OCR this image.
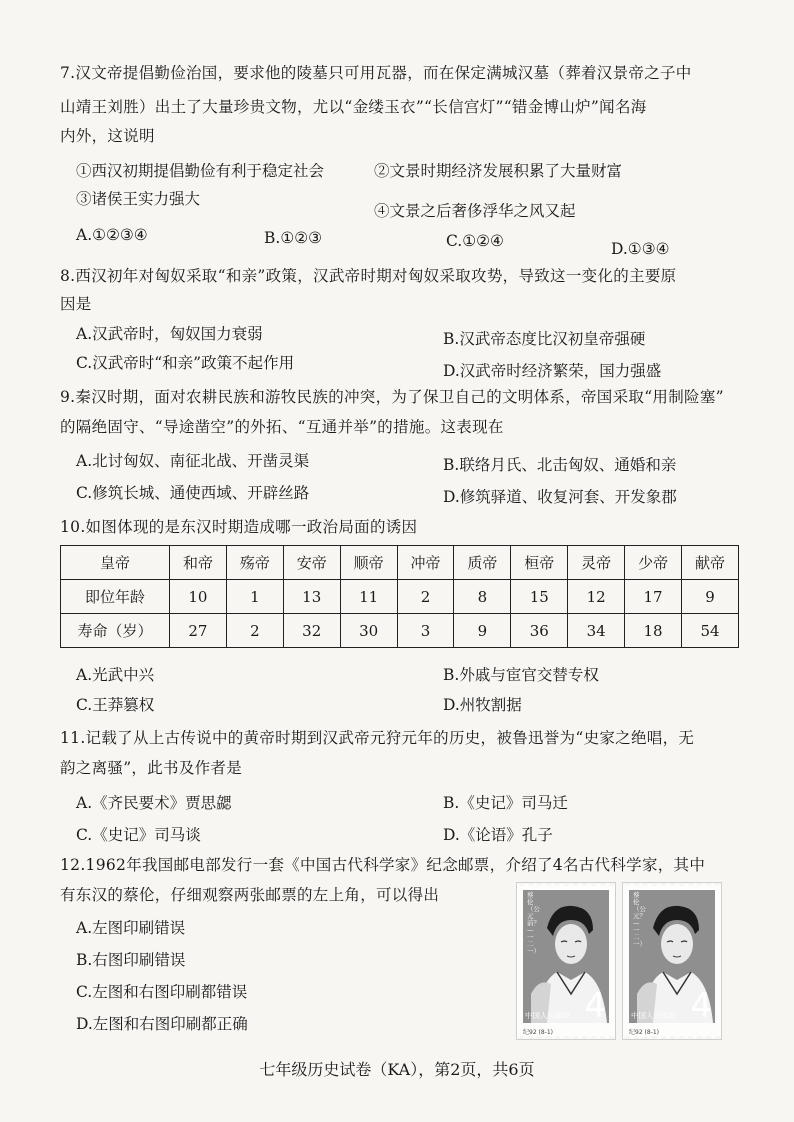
7.汉文帝提倡勤俭治国，要求他的陵墓只可用瓦器，而在保定满城汉墓（葬着汉景帝之子中
山靖王刘胜）出土了大量珍贵文物，尤以“金缕玉衣”“长信宫灯”“错金博山炉”闻名海
内外，这说明
①西汉初期提倡勤俭有利于稳定社会	②文景时期经济发展积累了大量财富
③诸侯王实力强大
④文景之后奢侈浮华之风又起
A.①②③④	B.①②③	C.①②④	D.①③④
8.西汉初年对匈奴采取“和亲”政策，汉武帝时期对匈奴采取攻势，导致这一变化的主要原
因是
A.汉武帝时，匈奴国力衰弱	B.汉武帝态度比汉初皇帝强硬
C.汉武帝时“和亲”政策不起作用	D.汉武帝时经济繁荣，国力强盛
9.秦汉时期，面对农耕民族和游牧民族的冲突，为了保卫自己的文明体系，帝国采取“用制险塞”
的隔绝固守、“导途凿空”的外拓、“互通并举”的措施。这表现在
A.北讨匈奴、南征北战、开凿灵渠	B.联络月氏、北击匈奴、通婚和亲
C.修筑长城、通使西域、开辟丝路	D.修筑驿道、收复河套、开发象郡
10.如图体现的是东汉时期造成哪一政治局面的诱因
皇帝	和帝	殇帝	安帝	顺帝	冲帝	质帝	桓帝	灵帝	少帝	献帝
即位年龄	10	1	13	11	2	8	15	12	17	9
寿命（岁）	27	2	32	30	3	9	36	34	18	54
A.光武中兴	B.外戚与宦官交替专权
C.王莽篡权	D.州牧割据
11.记载了从上古传说中的黄帝时期到汉武帝元狩元年的历史，被鲁迅誉为“史家之绝唱，无
韵之离骚”，此书及作者是
A.《齐民要术》贾思勰	B.《史记》司马迁
C.《史记》司马谈	D.《论语》孔子
12.1962年我国邮电部发行一套《中国古代科学家》纪念邮票，介绍了4名古代科学家，其中
有东汉的蔡伦，仔细观察两张邮票的左上角，可以得出
A.左图印刷错误
B.右图印刷错误
C.左图和右图印刷都错误
D.左图和右图印刷都正确
蔡伦（公元前？—一二一）
中国人民邮政 4
纪92 (8-1)
蔡伦（公元？—一二一）
中国人民邮政 4
纪92 (8-1)
七年级历史试卷（KA），第2页，共6页
